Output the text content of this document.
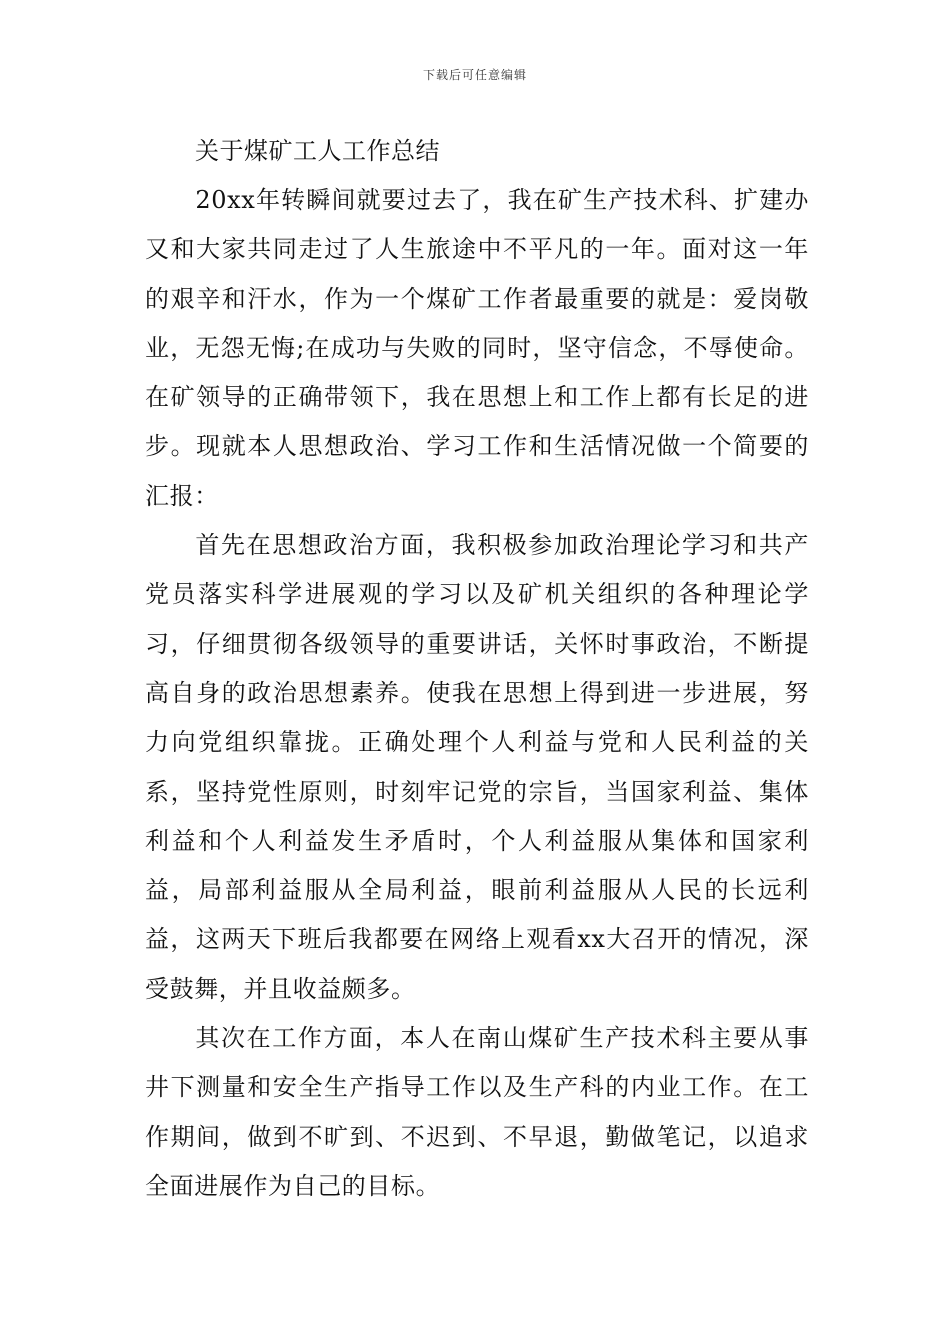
下载后可任意编辑
关于煤矿工人工作总结

20xx年转瞬间就要过去了，我在矿生产技术科、扩建办又和大家共同走过了人生旅途中不平凡的一年。面对这一年的艰辛和汗水，作为一个煤矿工作者最重要的就是：爱岗敬业，无怨无悔;在成功与失败的同时，坚守信念，不辱使命。在矿领导的正确带领下，我在思想上和工作上都有长足的进步。现就本人思想政治、学习工作和生活情况做一个简要的汇报：

首先在思想政治方面，我积极参加政治理论学习和共产党员落实科学进展观的学习以及矿机关组织的各种理论学习，仔细贯彻各级领导的重要讲话，关怀时事政治，不断提高自身的政治思想素养。使我在思想上得到进一步进展，努力向党组织靠拢。正确处理个人利益与党和人民利益的关系，坚持党性原则，时刻牢记党的宗旨，当国家利益、集体利益和个人利益发生矛盾时，个人利益服从集体和国家利益，局部利益服从全局利益，眼前利益服从人民的长远利益，这两天下班后我都要在网络上观看xx大召开的情况，深受鼓舞，并且收益颇多。

其次在工作方面，本人在南山煤矿生产技术科主要从事井下测量和安全生产指导工作以及生产科的内业工作。在工作期间，做到不旷到、不迟到、不早退，勤做笔记，以追求全面进展作为自己的目标。
